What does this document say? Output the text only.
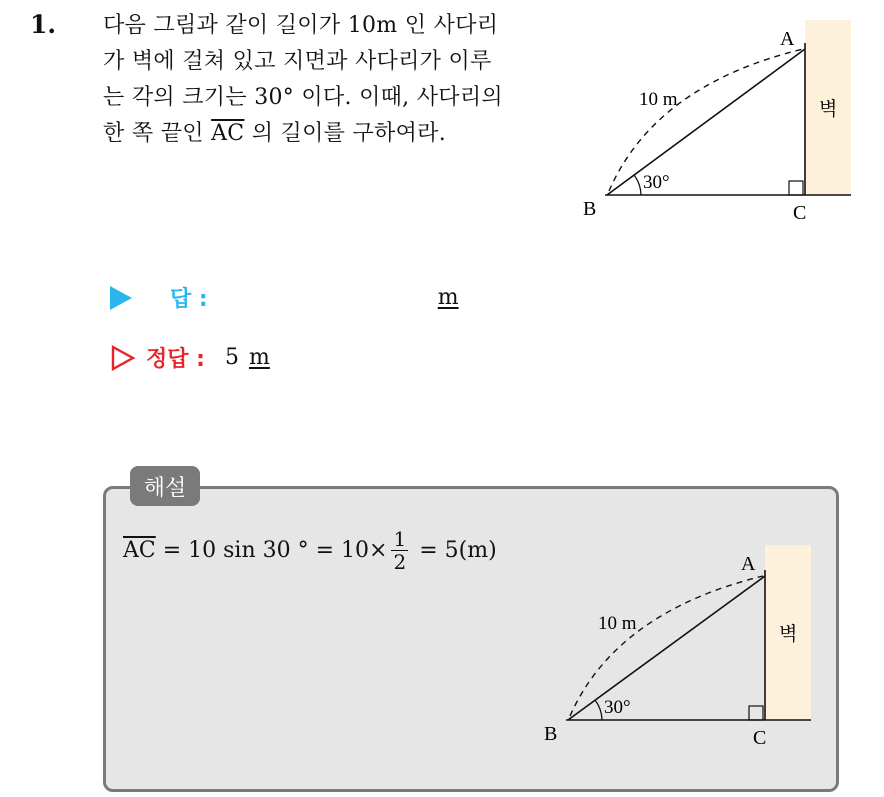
1. 다음 그림과 같이 길이가 10m 인 사다리
가 벽에 걸쳐 있고 지면과 사다리가 이루
는 각의 크기는 30° 이다. 이때, 사다리의
한 쪽 끝인 $\overline{AC}$ 의 길이를 구하여라.
A
B	C
10 m
30°
벽
답 :	m
정답 : 5 m
해설
$\overline{AC} = 10$ sin 30 ° = $10\times \frac{1}{2} = 5(m)$
A
B	C
10 m
30°
벽
